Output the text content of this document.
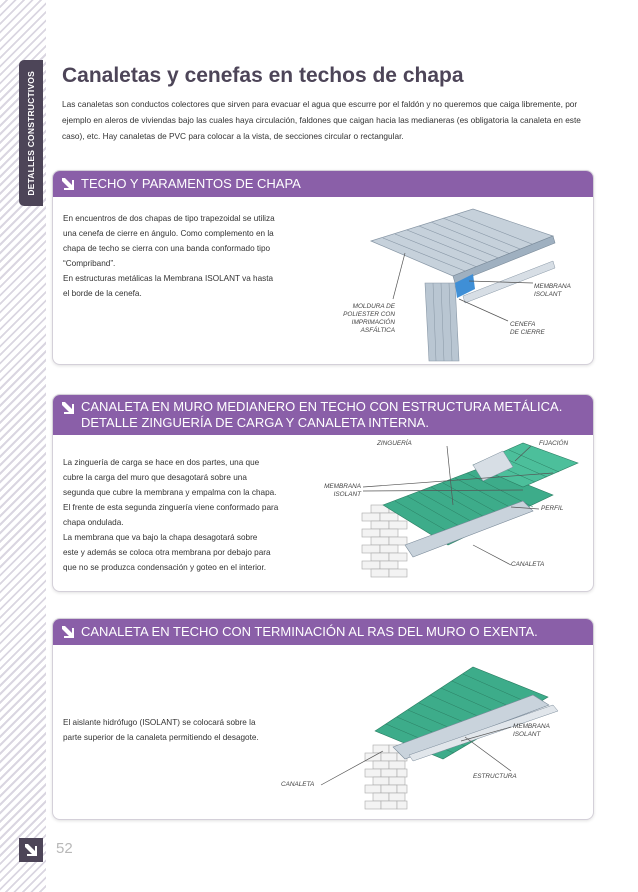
DETALLES CONSTRUCTIVOS
52
Canaletas y cenefas en techos de chapa

Las canaletas son conductos colectores que sirven para evacuar el agua que escurre por el faldón y no queremos que caiga libremente, por ejemplo en aleros de viviendas bajo las cuales haya circulación, faldones que caigan hacia las medianeras (es obligatoria la canaleta en este caso), etc. Hay canaletas de PVC para colocar a la vista, de secciones circular o rectangular.

TECHO Y PARAMENTOS DE CHAPA
En encuentros de dos chapas de tipo trapezoidal se utiliza
una cenefa de cierre en ángulo. Como complemento en la
chapa de techo se cierra con una banda conformado tipo
“Compriband”.
En estructuras metálicas la Membrana ISOLANT va hasta
el borde de la cenefa.
MOLDURA DE
POLIESTER CON
IMPRIMACIÓN
ASFÁLTICA
MEMBRANA
ISOLANT
CENEFA
DE CIERRE
CANALETA EN MURO MEDIANERO EN TECHO CON ESTRUCTURA METÁLICA.
DETALLE ZINGUERÍA DE CARGA Y CANALETA INTERNA.
La zinguería de carga se hace en dos partes, una que
cubre la carga del muro que desagotará sobre una
segunda que cubre la membrana y empalma con la chapa.
El frente de esta segunda zinguería viene conformado para
chapa ondulada.
La membrana que va bajo la chapa desagotará sobre
este y además se coloca otra membrana por debajo para
que no se produzca condensación y goteo en el interior.
ZINGUERÍA	FIJACIÓN
MEMBRANA
ISOLANT
PERFIL
CANALETA
CANALETA EN TECHO CON TERMINACIÓN AL RAS DEL MURO O EXENTA.
El aislante hidrófugo (ISOLANT) se colocará sobre la
parte superior de la canaleta permitiendo el desagote.
MEMBRANA
ISOLANT
ESTRUCTURA
CANALETA
